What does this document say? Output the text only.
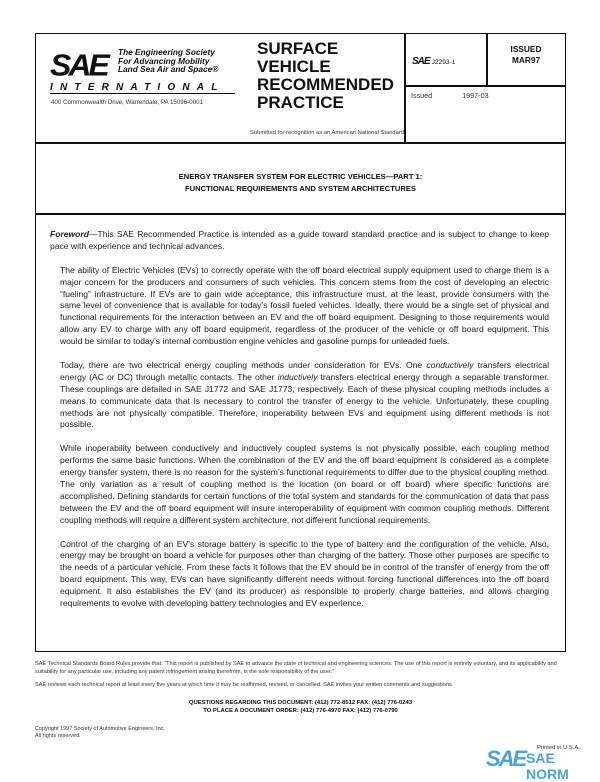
SAE The Engineering Society
For Advancing Mobility
Land Sea Air and Space®
INTERNATIONAL
400 Commonwealth Drive, Warrendale, PA 15096-0001
SURFACE
VEHICLE
RECOMMENDED
PRACTICE
Submitted for recognition as an American National Standard
SAE J2293-1
ISSUED
MAR97
Issued	1997-03
ENERGY TRANSFER SYSTEM FOR ELECTRIC VEHICLES—PART 1:
FUNCTIONAL REQUIREMENTS AND SYSTEM ARCHITECTURES

Foreword—This SAE Recommended Practice is intended as a guide toward standard practice and is subject to change to keep pace with experience and technical advances.

The ability of Electric Vehicles (EVs) to correctly operate with the off board electrical supply equipment used to charge them is a major concern for the producers and consumers of such vehicles. This concern stems from the cost of developing an electric “fueling” infrastructure. If EVs are to gain wide acceptance, this infrastructure must, at the least, provide consumers with the same level of convenience that is available for today’s fossil fueled vehicles. Ideally, there would be a single set of physical and functional requirements for the interaction between an EV and the off board equipment. Designing to those requirements would allow any EV to charge with any off board equipment, regardless of the producer of the vehicle or off board equipment. This would be similar to today’s internal combustion engine vehicles and gasoline pumps for unleaded fuels.

Today, there are two electrical energy coupling methods under consideration for EVs. One conductively transfers electrical energy (AC or DC) through metallic contacts. The other inductively transfers electrical energy through a separable transformer. These couplings are detailed in SAE J1772 and SAE J1773, respectively. Each of these physical coupling methods includes a means to communicate data that is necessary to control the transfer of energy to the vehicle. Unfortunately, these coupling methods are not physically compatible. Therefore, inoperability between EVs and equipment using different methods is not possible.

While inoperability between conductively and inductively coupled systems is not physically possible, each coupling method performs the same basic functions. When the combination of the EV and the off board equipment is considered as a complete energy transfer system, there is no reason for the system’s functional requirements to differ due to the physical coupling method. The only variation as a result of coupling method is the location (on board or off board) where specific functions are accomplished. Defining standards for certain functions of the total system and standards for the communication of data that pass between the EV and the off board equipment will insure interoperability of equipment with common coupling methods. Different coupling methods will require a different system architecture, not different functional requirements.

Control of the charging of an EV’s storage battery is specific to the type of battery and the configuration of the vehicle. Also, energy may be brought on board a vehicle for purposes other than charging of the battery. Those other purposes are specific to the needs of a particular vehicle. From these facts it follows that the EV should be in control of the transfer of energy from the off board equipment. This way, EVs can have significantly different needs without forcing functional differences into the off board equipment. It also establishes the EV (and its producer) as responsible to properly charge batteries, and allows charging requirements to evolve with developing battery technologies and EV experience.

SAE Technical Standards Board Rules provide that: “This report is published by SAE to advance the state of technical and engineering sciences. The use of this report is entirely voluntary, and its applicability and suitability for any particular use, including any patent infringement arising therefrom, is the sole responsibility of the user.”
SAE reviews each technical report at least every five years at which time it may be reaffirmed, revised, or cancelled. SAE invites your written comments and suggestions.
QUESTIONS REGARDING THIS DOCUMENT: (412) 772-8512 FAX: (412) 776-0243
TO PLACE A DOCUMENT ORDER: (412) 776-4970 FAX: (412) 776-0790
Copyright 1997 Society of Automotive Engineers, Inc.
All rights reserved.
Printed in U.S.A.
SAE SAE NORM
